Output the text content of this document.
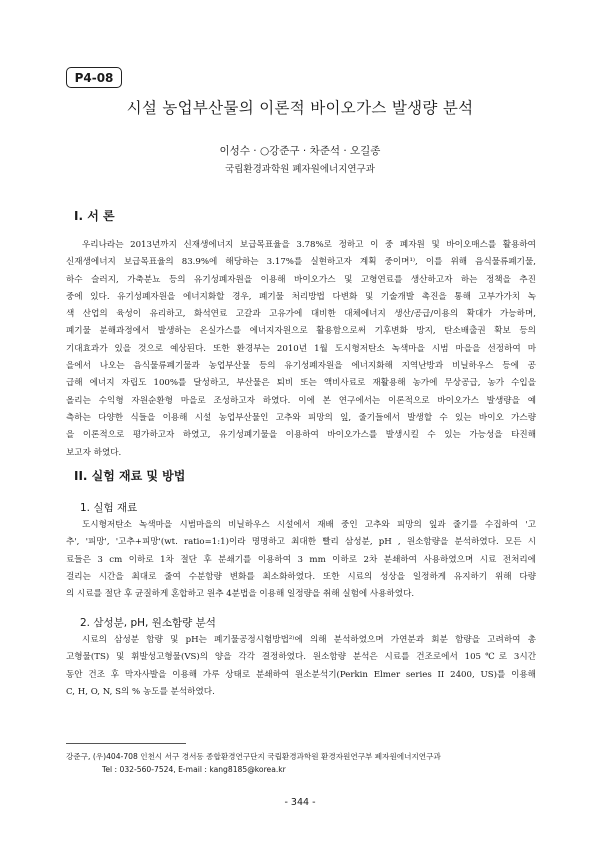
P4-08
시설 농업부산물의 이론적 바이오가스 발생량 분석
이성수 · ○강준구 · 차준석 · 오길종
국립환경과학원 폐자원에너지연구과
I. 서 론
우리나라는 2013년까지 신재생에너지 보급목표율을 3.78%로 정하고 이 중 폐자원 및 바이오매스를 활용하여
신재생에너지 보급목표율의 83.9%에 해당하는 3.17%를 실현하고자 계획 중이며¹⁾, 이를 위해 음식물류폐기물,
하수 슬러지, 가축분뇨 등의 유기성폐자원을 이용해 바이오가스 및 고형연료를 생산하고자 하는 정책을 추진
중에 있다. 유기성폐자원을 에너지화할 경우, 폐기물 처리방법 다변화 및 기술개발 촉진을 통해 고부가가치 녹
색 산업의 육성이 유리하고, 화석연료 고갈과 고유가에 대비한 대체에너지 생산/공급/이용의 확대가 가능하며,
폐기물 분해과정에서 발생하는 온실가스를 에너지자원으로 활용함으로써 기후변화 방지, 탄소배출권 확보 등의
기대효과가 있을 것으로 예상된다. 또한 환경부는 2010년 1월 도시형저탄소 녹색마을 시범 마을을 선정하여 마
을에서 나오는 음식물류폐기물과 농업부산물 등의 유기성폐자원을 에너지화해 지역난방과 비닐하우스 등에 공
급해 에너지 자립도 100%를 달성하고, 부산물은 퇴비 또는 액비사료로 재활용해 농가에 무상공급, 농가 수입을
올리는 수익형 자원순환형 마을로 조성하고자 하였다. 이에 본 연구에서는 이론적으로 바이오가스 발생량을 예
측하는 다양한 식들을 이용해 시설 농업부산물인 고추와 피망의 잎, 줄기들에서 발생할 수 있는 바이오 가스량
을 이론적으로 평가하고자 하였고, 유기성폐기물을 이용하여 바이오가스를 발생시킬 수 있는 가능성을 타진해
보고자 하였다.
II. 실험 재료 및 방법
1. 실험 재료
도시형저탄소 녹색마을 시범마을의 비닐하우스 시설에서 재배 중인 고추와 피망의 잎과 줄기를 수집하여 '고
추', '피망', '고추+피망'(wt. ratio=1:1)이라 명명하고 최대한 빨리 삼성분, pH , 원소함량을 분석하였다. 모든 시
료들은 3 cm 이하로 1차 절단 후 분쇄기를 이용하여 3 mm 이하로 2차 분쇄하여 사용하였으며 시료 전처리에
걸리는 시간을 최대로 줄여 수분함량 변화를 최소화하였다. 또한 시료의 성상을 일정하게 유지하기 위해 다량
의 시료를 절단 후 균질하게 혼합하고 원추 4분법을 이용해 일정량을 취해 실험에 사용하였다.
2. 삼성분, pH, 원소함량 분석
시료의 삼성분 함량 및 pH는 폐기물공정시험방법²⁾에 의해 분석하였으며 가연분과 회분 함량을 고려하여 총
고형물(TS) 및 휘발성고형물(VS)의 양을 각각 결정하였다. 원소함량 분석은 시료를 건조로에서 105℃로 3시간
동안 건조 후 막자사발을 이용해 가루 상태로 분쇄하여 원소분석기(Perkin Elmer series II 2400, US)를 이용해
C, H, O, N, S의 % 농도를 분석하였다.
강준구, (우)404-708 인천시 서구 경서동 종합환경연구단지 국립환경과학원 환경자원연구부 폐자원에너지연구과
Tel : 032-560-7524, E-mail : kang8185@korea.kr
- 344 -
